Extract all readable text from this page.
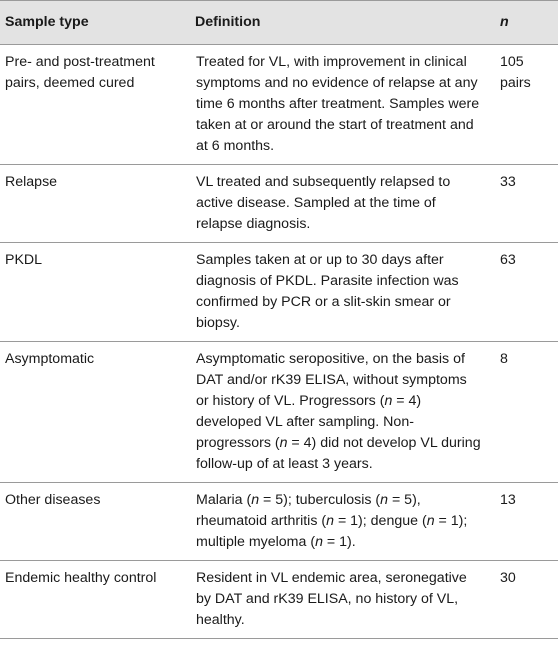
Sample type	Definition	n
Pre- and post-treatment pairs, deemed cured	Treated for VL, with improvement in clinical symptoms and no evidence of relapse at any time 6 months after treatment. Samples were taken at or around the start of treatment and at 6 months.	105 pairs
Relapse	VL treated and subsequently relapsed to active disease. Sampled at the time of relapse diagnosis.	33
PKDL	Samples taken at or up to 30 days after diagnosis of PKDL. Parasite infection was confirmed by PCR or a slit-skin smear or biopsy.	63
Asymptomatic	Asymptomatic seropositive, on the basis of DAT and/or rK39 ELISA, without symptoms or history of VL. Progressors (n = 4) developed VL after sampling. Non-progressors (n = 4) did not develop VL during follow-up of at least 3 years.	8
Other diseases	Malaria (n = 5); tuberculosis (n = 5), rheumatoid arthritis (n = 1); dengue (n = 1); multiple myeloma (n = 1).	13
Endemic healthy control	Resident in VL endemic area, seronegative by DAT and rK39 ELISA, no history of VL, healthy.	30
